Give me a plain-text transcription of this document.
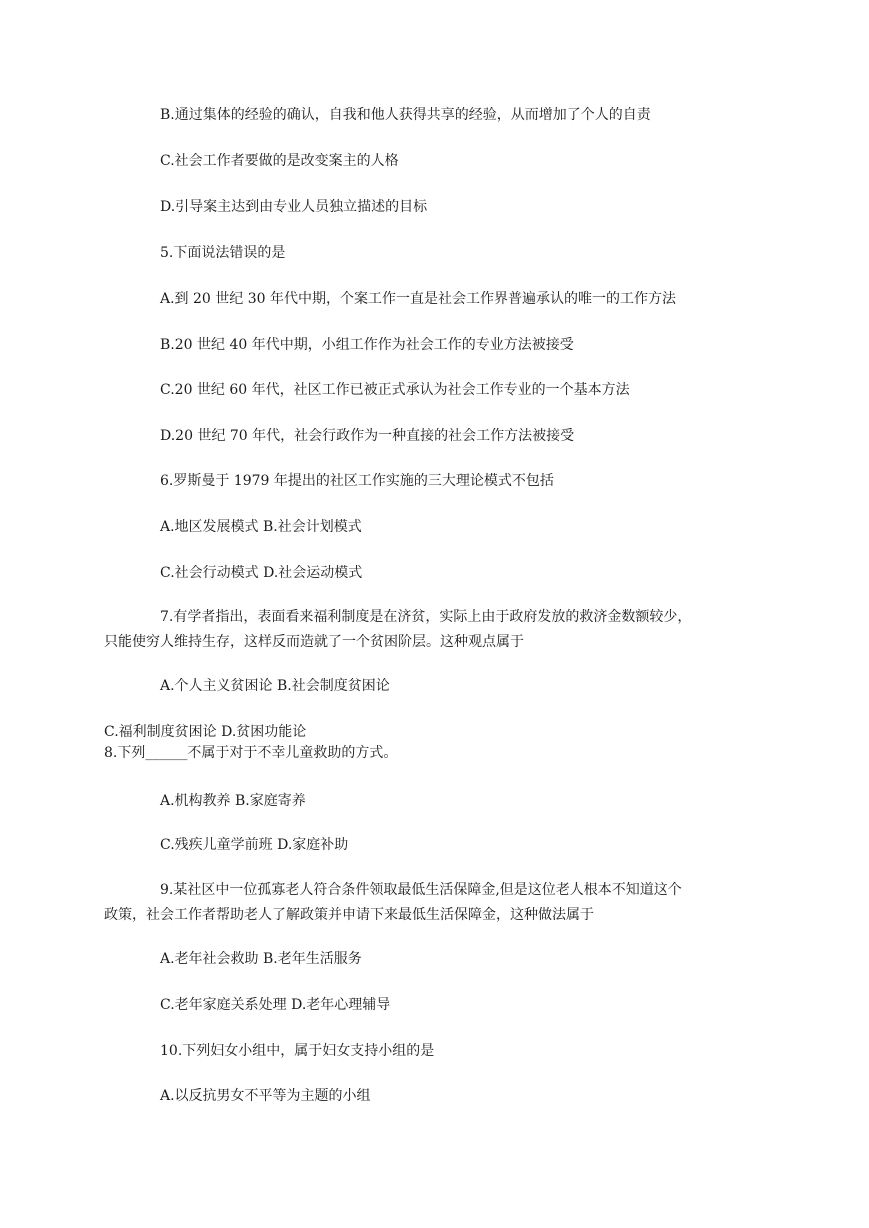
B.通过集体的经验的确认，自我和他人获得共享的经验，从而增加了个人的自责
C.社会工作者要做的是改变案主的人格
D.引导案主达到由专业人员独立描述的目标
5.下面说法错误的是
A.到 20 世纪 30 年代中期，个案工作一直是社会工作界普遍承认的唯一的工作方法
B.20 世纪 40 年代中期，小组工作作为社会工作的专业方法被接受
C.20 世纪 60 年代，社区工作已被正式承认为社会工作专业的一个基本方法
D.20 世纪 70 年代，社会行政作为一种直接的社会工作方法被接受
6.罗斯曼于 1979 年提出的社区工作实施的三大理论模式不包括
A.地区发展模式 B.社会计划模式
C.社会行动模式 D.社会运动模式
7.有学者指出，表面看来福利制度是在济贫，实际上由于政府发放的救济金数额较少，
只能使穷人维持生存，这样反而造就了一个贫困阶层。这种观点属于
A.个人主义贫困论 B.社会制度贫困论
C.福利制度贫困论 D.贫困功能论
8.下列______不属于对于不幸儿童救助的方式。
A.机构教养 B.家庭寄养
C.残疾儿童学前班 D.家庭补助
9.某社区中一位孤寡老人符合条件领取最低生活保障金,但是这位老人根本不知道这个
政策，社会工作者帮助老人了解政策并申请下来最低生活保障金，这种做法属于
A.老年社会救助 B.老年生活服务
C.老年家庭关系处理 D.老年心理辅导
10.下列妇女小组中，属于妇女支持小组的是
A.以反抗男女不平等为主题的小组
